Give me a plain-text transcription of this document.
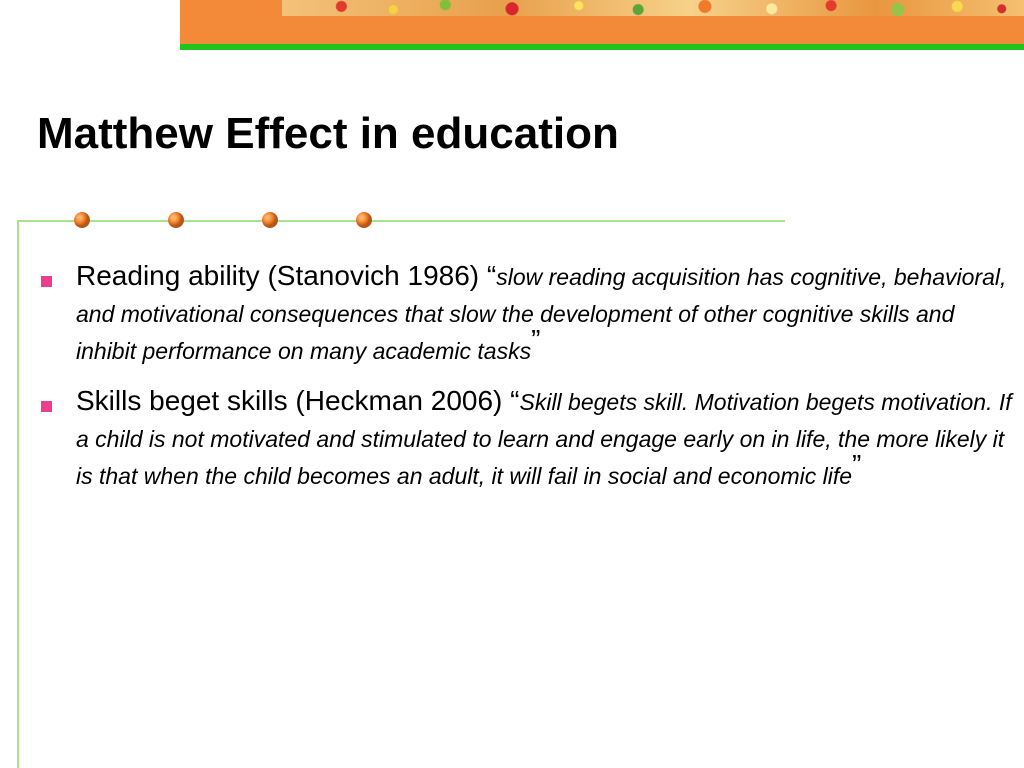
Matthew Effect in education
Reading ability (Stanovich 1986) “slow reading acquisition has cognitive, behavioral, and motivational consequences that slow the development of other cognitive skills and inhibit performance on many academic tasks”
Skills beget skills (Heckman 2006) “Skill begets skill. Motivation begets motivation. If a child is not motivated and stimulated to learn and engage early on in life, the more likely it is that when the child becomes an adult, it will fail in social and economic life”
